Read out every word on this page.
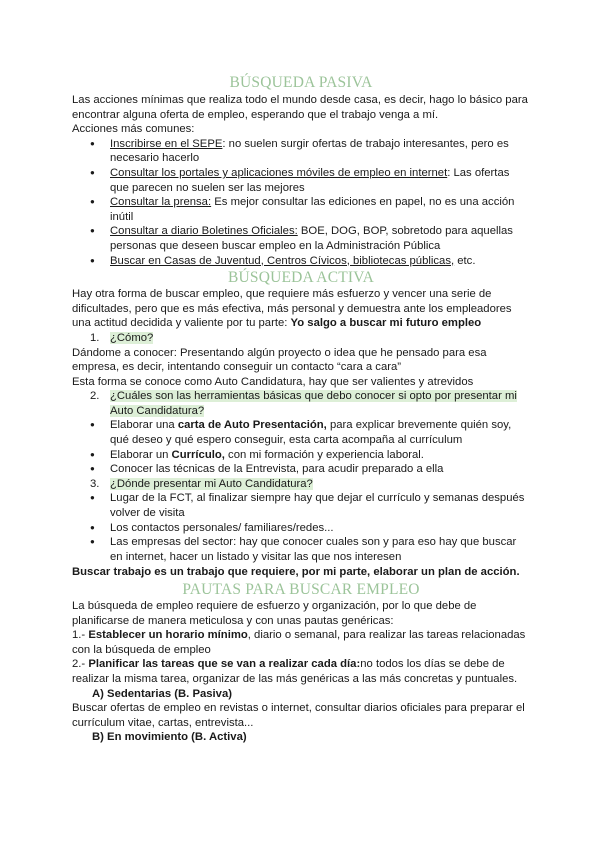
BÚSQUEDA PASIVA

Las acciones mínimas que realiza todo el mundo desde casa, es decir, hago lo básico para encontrar alguna oferta de empleo, esperando que el trabajo venga a mí.

Acciones más comunes:

● Inscribirse en el SEPE: no suelen surgir ofertas de trabajo interesantes, pero es necesario hacerlo
● Consultar los portales y aplicaciones móviles de empleo en internet: Las ofertas que parecen no suelen ser las mejores
● Consultar la prensa: Es mejor consultar las ediciones en papel, no es una acción inútil
● Consultar a diario Boletines Oficiales: BOE, DOG, BOP, sobretodo para aquellas personas que deseen buscar empleo en la Administración Pública
● Buscar en Casas de Juventud, Centros Cívicos, bibliotecas públicas, etc.
BÚSQUEDA ACTIVA

Hay otra forma de buscar empleo, que requiere más esfuerzo y vencer una serie de dificultades, pero que es más efectiva, más personal y demuestra ante los empleadores una actitud decidida y valiente por tu parte: Yo salgo a buscar mi futuro empleo

1. ¿Cómo?

Dándome a conocer: Presentando algún proyecto o idea que he pensado para esa empresa, es decir, intentando conseguir un contacto “cara a cara”

Esta forma se conoce como Auto Candidatura, hay que ser valientes y atrevidos

2. ¿Cuáles son las herramientas básicas que debo conocer si opto por presentar mi Auto Candidatura?
● Elaborar una carta de Auto Presentación, para explicar brevemente quién soy, qué deseo y qué espero conseguir, esta carta acompaña al currículum
● Elaborar un Currículo, con mi formación y experiencia laboral.
● Conocer las técnicas de la Entrevista, para acudir preparado a ella
3. ¿Dónde presentar mi Auto Candidatura?
● Lugar de la FCT, al finalizar siempre hay que dejar el currículo y semanas después volver de visita
● Los contactos personales/ familiares/redes...
● Las empresas del sector: hay que conocer cuales son y para eso hay que buscar en internet, hacer un listado y visitar las que nos interesen

Buscar trabajo es un trabajo que requiere, por mi parte, elaborar un plan de acción.

PAUTAS PARA BUSCAR EMPLEO

La búsqueda de empleo requiere de esfuerzo y organización, por lo que debe de planificarse de manera meticulosa y con unas pautas genéricas:

1.- Establecer un horario mínimo, diario o semanal, para realizar las tareas relacionadas con la búsqueda de empleo

2.- Planificar las tareas que se van a realizar cada día:no todos los días se debe de realizar la misma tarea, organizar de las más genéricas a las más concretas y puntuales.

A) Sedentarias (B. Pasiva)

Buscar ofertas de empleo en revistas o internet, consultar diarios oficiales para preparar el currículum vitae, cartas, entrevista...

B) En movimiento (B. Activa)
